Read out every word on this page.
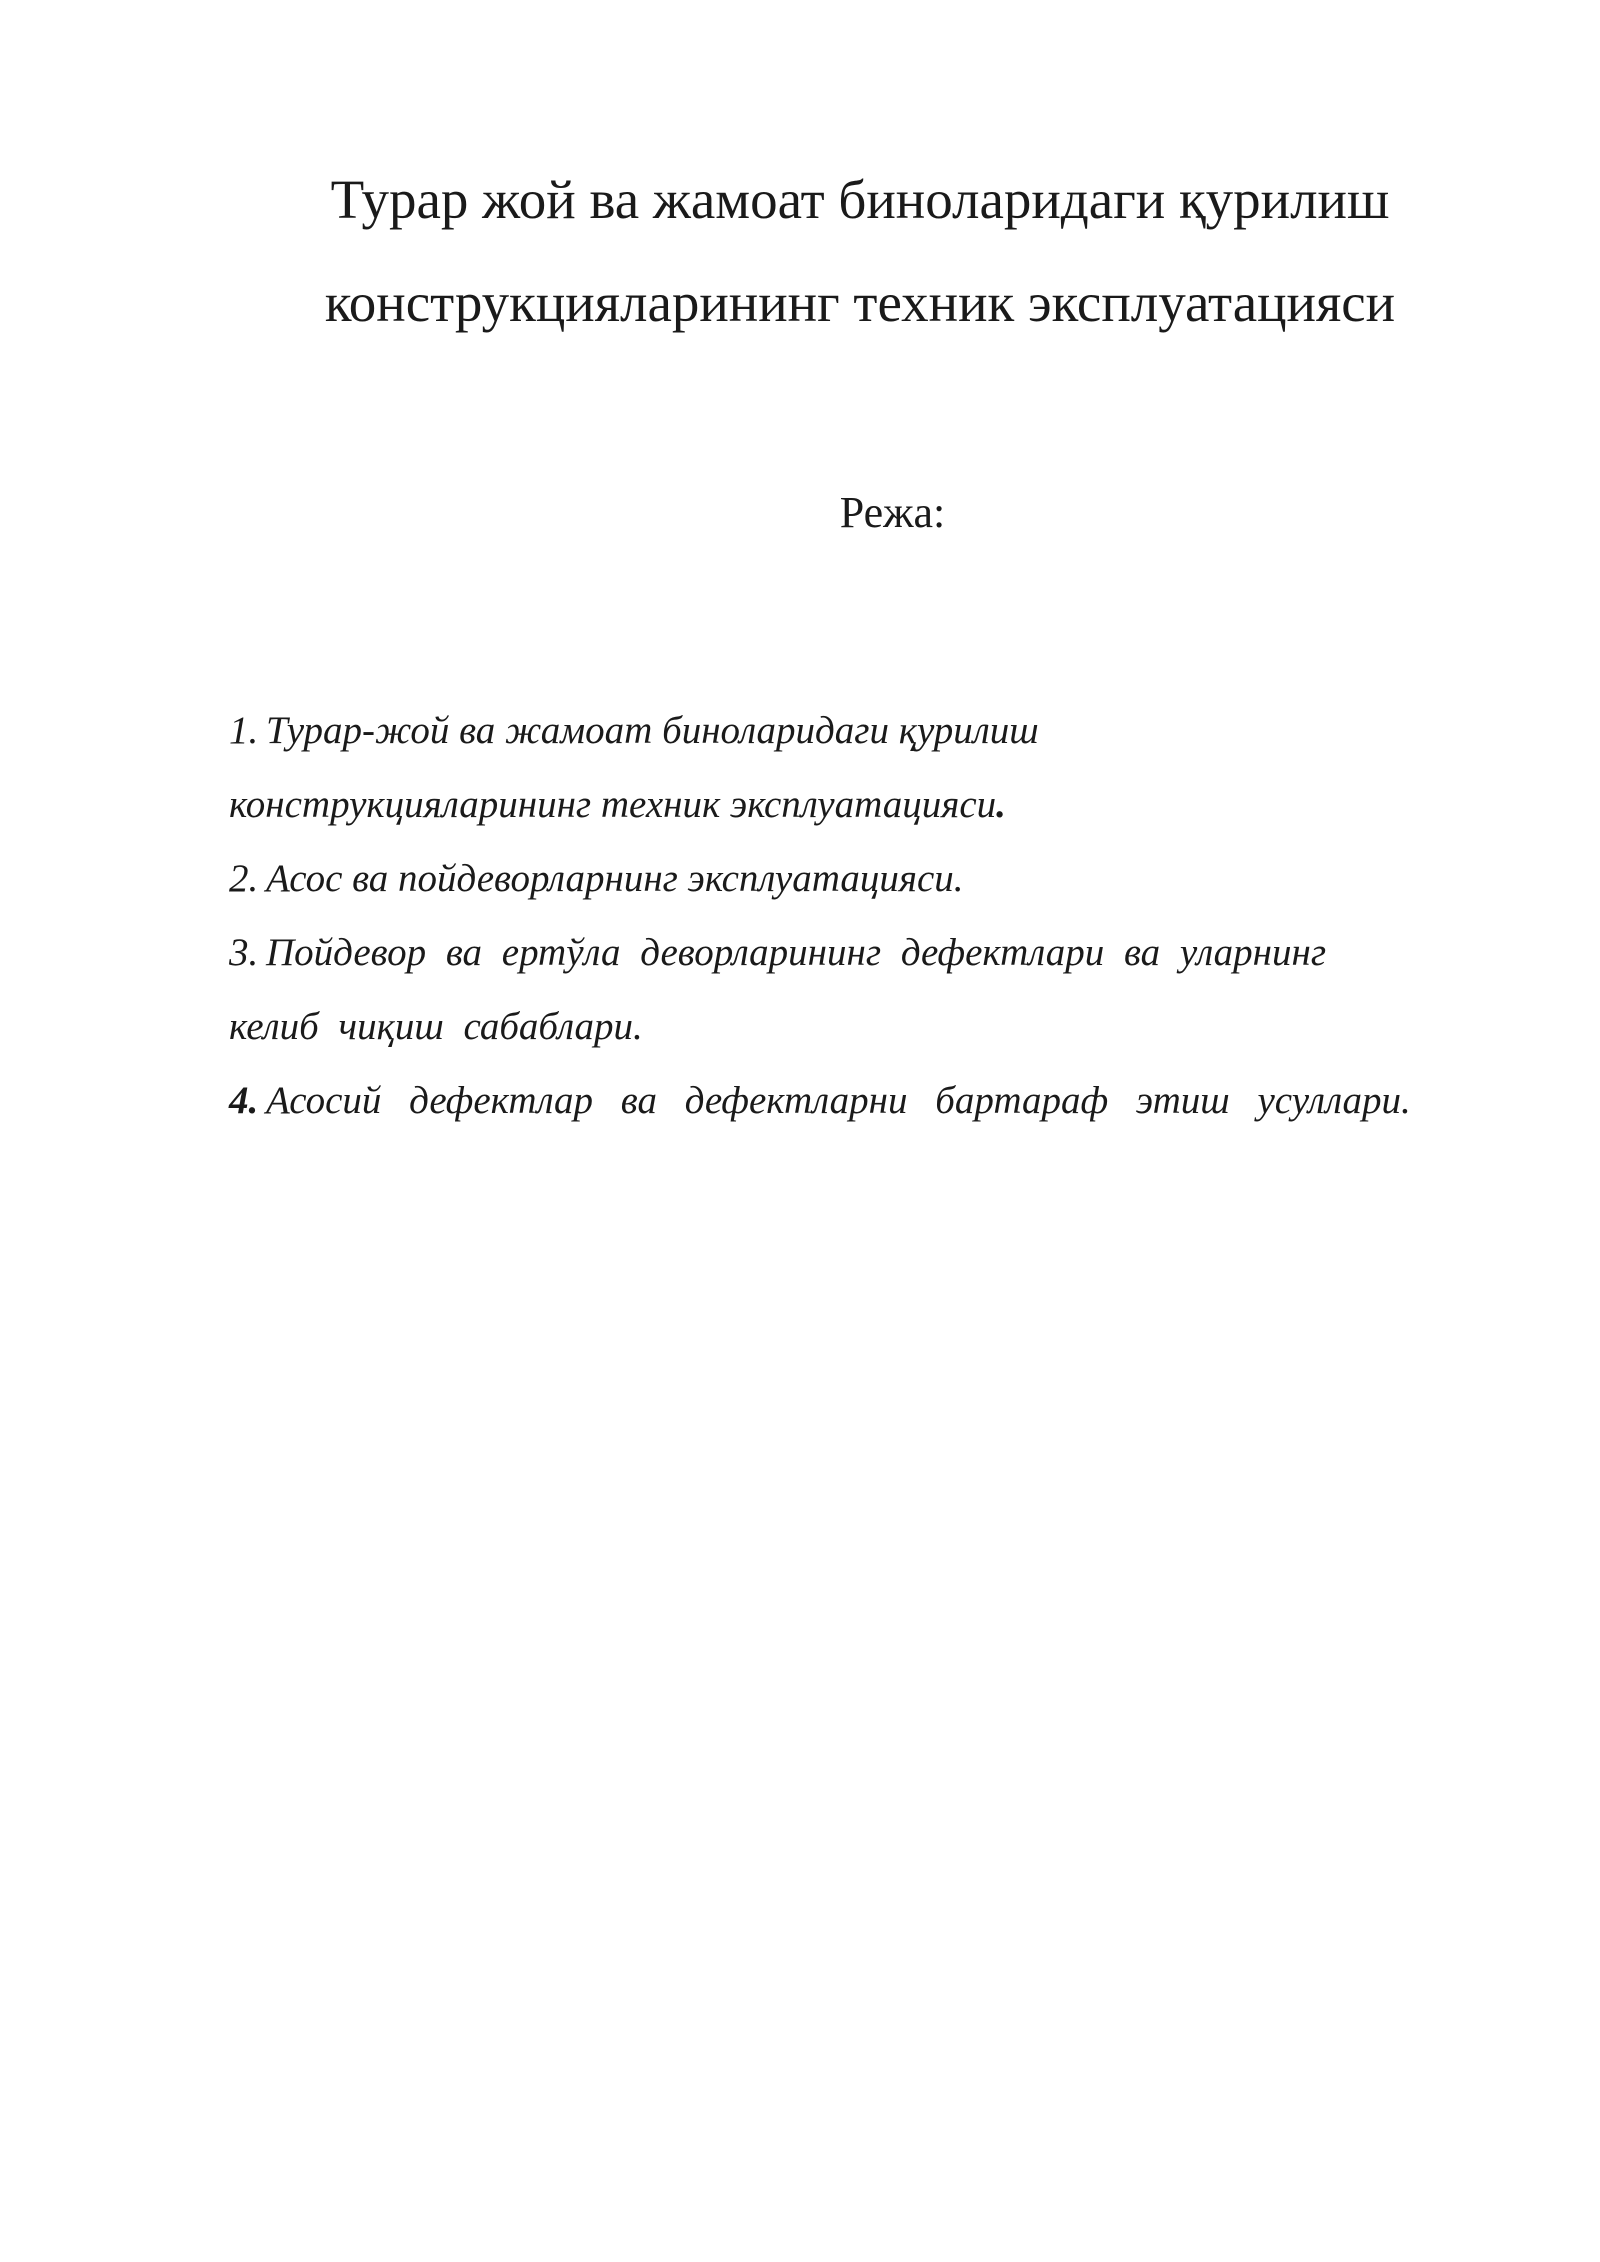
Турар жой ва жамоат биноларидаги қурилиш
конструкцияларининг техник эксплуатацияси
Режа:
1. Турар-жой ва жамоат биноларидаги қурилиш
конструкцияларининг техник эксплуатацияси.
2. Асос ва пойдеворларнинг эксплуатацияси.
3. Пойдевор ва ертўла деворларининг дефектлари ва уларнинг
келиб чиқиш сабаблари.
4. Асосий дефектлар ва дефектларни бартараф этиш усуллари.
